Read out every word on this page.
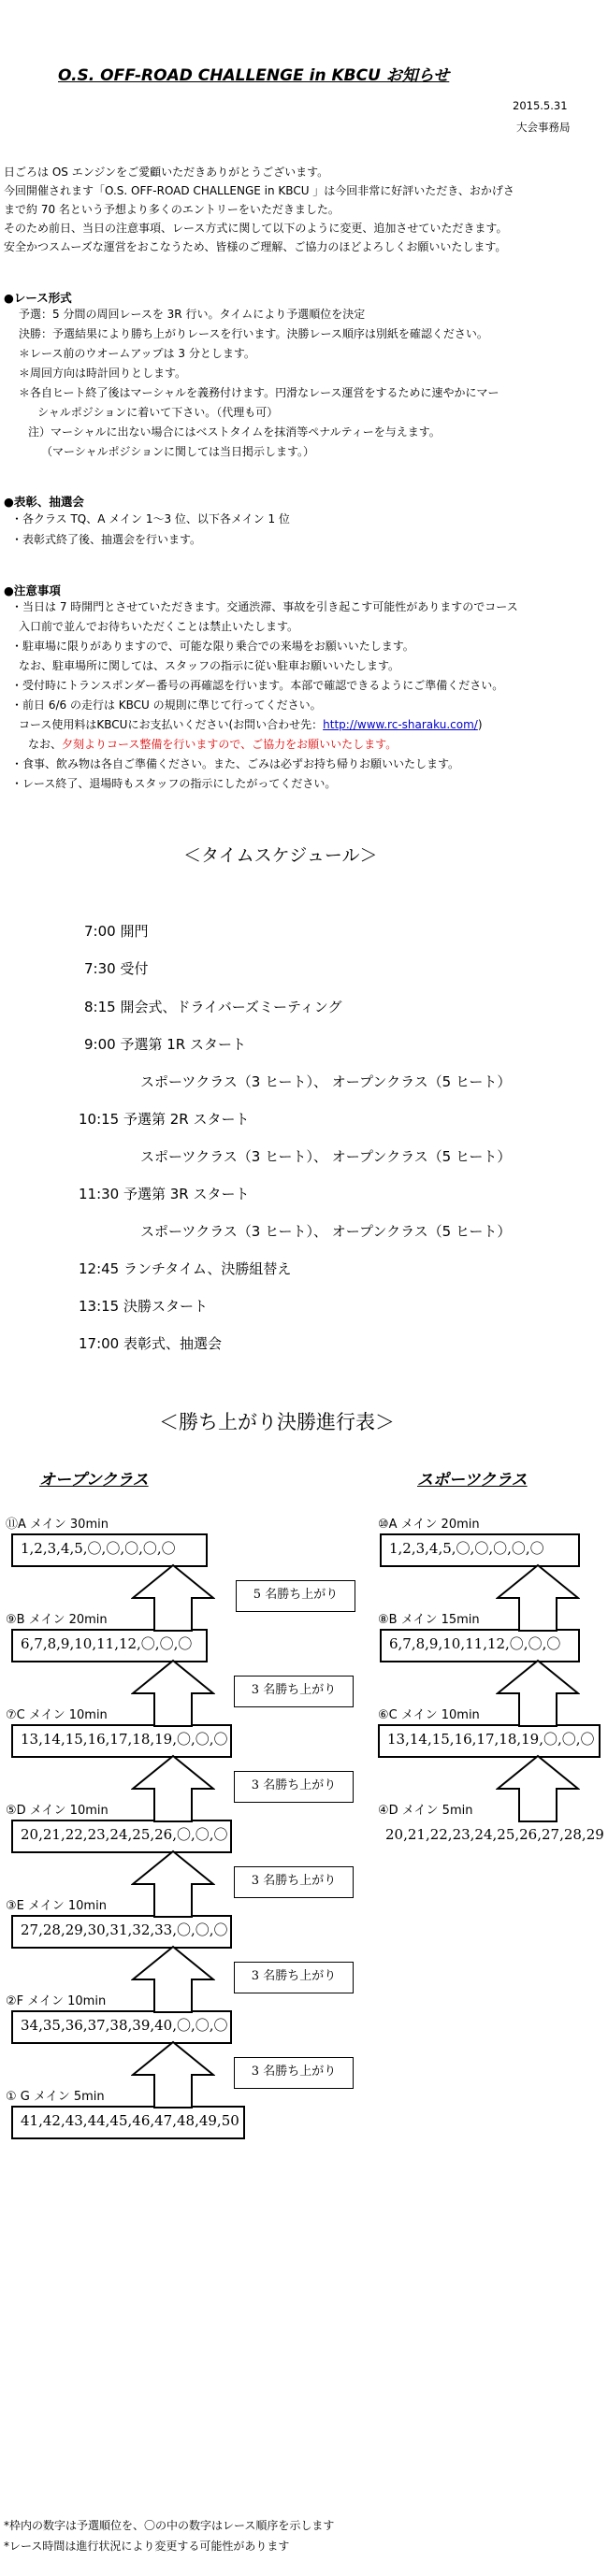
O.S. OFF-ROAD CHALLENGE in KBCU お知らせ
2015.5.31
大会事務局
日ごろは OS エンジンをご愛顧いただきありがとうございます。
今回開催されます「O.S. OFF-ROAD CHALLENGE in KBCU 」は今回非常に好評いただき、おかげさ
まで約 70 名という予想より多くのエントリーをいただきました。
そのため前日、当日の注意事項、レース方式に関して以下のように変更、追加させていただきます。
安全かつスムーズな運営をおこなうため、皆様のご理解、ご協力のほどよろしくお願いいたします。
●レース形式
予選：5 分間の周回レースを 3R 行い。タイムにより予選順位を決定
決勝：予選結果により勝ち上がりレースを行います。決勝レース順序は別紙を確認ください。
＊レース前のウオームアップは 3 分とします。
＊周回方向は時計回りとします。
＊各自ヒート終了後はマーシャルを義務付けます。円滑なレース運営をするために速やかにマー
シャルポジションに着いて下さい。（代理も可）
注）マーシャルに出ない場合にはベストタイムを抹消等ペナルティーを与えます。
（マーシャルポジションに関しては当日掲示します。）
●表彰、抽選会
・各クラス TQ、A メイン 1～3 位、以下各メイン 1 位
・表彰式終了後、抽選会を行います。
●注意事項
・当日は 7 時開門とさせていただきます。交通渋滞、事故を引き起こす可能性がありますのでコース
入口前で並んでお待ちいただくことは禁止いたします。
・駐車場に限りがありますので、可能な限り乗合での来場をお願いいたします。
なお、駐車場所に関しては、スタッフの指示に従い駐車お願いいたします。
・受付時にトランスポンダー番号の再確認を行います。本部で確認できるようにご準備ください。
・前日 6/6 の走行は KBCU の規則に準じて行ってください。
コース使用料はKBCUにお支払いください(お問い合わせ先：http://www.rc-sharaku.com/)
なお、夕刻よりコース整備を行いますので、ご協力をお願いいたします。
・食事、飲み物は各自ご準備ください。また、ごみは必ずお持ち帰りお願いいたします。
・レース終了、退場時もスタッフの指示にしたがってください。
＜タイムスケジュール＞
7:00 開門
7:30 受付
8:15 開会式、ドライバーズミーティング
9:00 予選第 1R スタート
スポーツクラス（3 ヒート）、 オープンクラス（5 ヒート）
10:15 予選第 2R スタート
スポーツクラス（3 ヒート）、 オープンクラス（5 ヒート）
11:30 予選第 3R スタート
スポーツクラス（3 ヒート）、 オープンクラス（5 ヒート）
12:45 ランチタイム、決勝組替え
13:15 決勝スタート
17:00 表彰式、抽選会
＜勝ち上がり決勝進行表＞
オープンクラス	スポーツクラス
⑪A メイン 30min
1,2,3,4,5,〇,〇,〇,〇,〇
⑨B メイン 20min
6,7,8,9,10,11,12,〇,〇,〇
⑦C メイン 10min
13,14,15,16,17,18,19,〇,〇,〇
⑤D メイン 10min
20,21,22,23,24,25,26,〇,〇,〇
③E メイン 10min
27,28,29,30,31,32,33,〇,〇,〇
②F メイン 10min
34,35,36,37,38,39,40,〇,〇,〇
① G メイン 5min
41,42,43,44,45,46,47,48,49,50
5 名勝ち上がり
3 名勝ち上がり
3 名勝ち上がり
3 名勝ち上がり
3 名勝ち上がり
3 名勝ち上がり
⑩A メイン 20min
1,2,3,4,5,〇,〇,〇,〇,〇
⑧B メイン 15min
6,7,8,9,10,11,12,〇,〇,〇
⑥C メイン 10min
13,14,15,16,17,18,19,〇,〇,〇
④D メイン 5min
20,21,22,23,24,25,26,27,28,29
*枠内の数字は予選順位を、〇の中の数字はレース順序を示します
*レース時間は進行状況により変更する可能性があります
